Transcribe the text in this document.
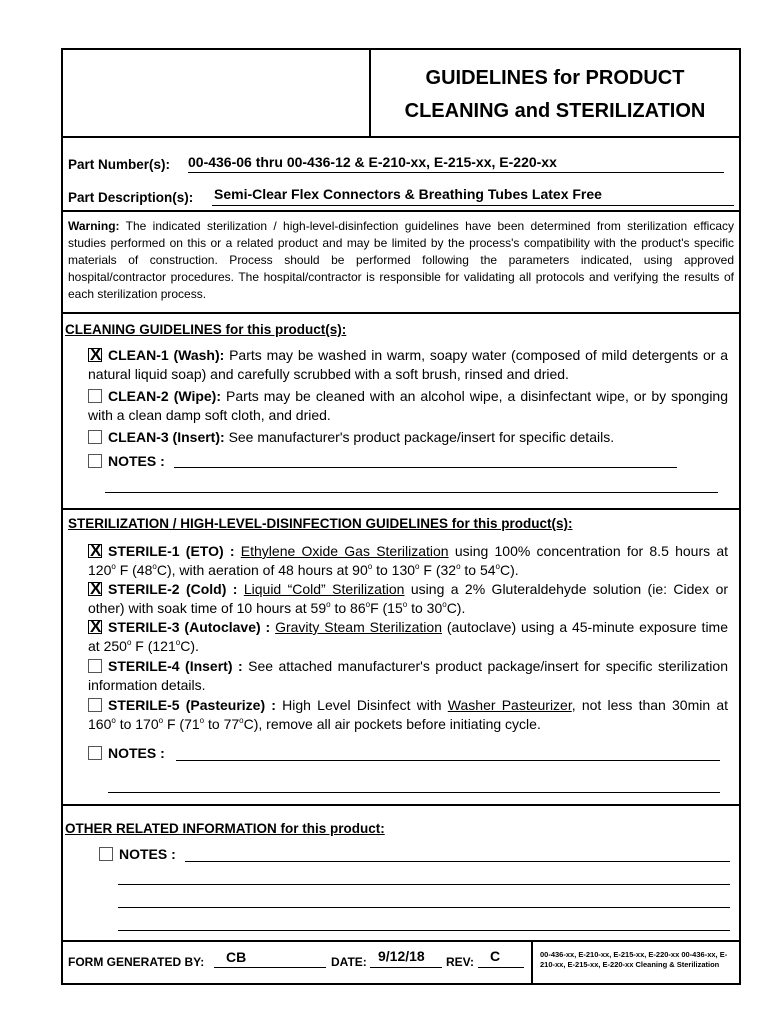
GUIDELINES for PRODUCT
CLEANING and STERILIZATION
Part Number(s): 00-436-06 thru 00-436-12 & E-210-xx, E-215-xx, E-220-xx
Part Description(s): Semi-Clear Flex Connectors & Breathing Tubes Latex Free
Warning: The indicated sterilization / high-level-disinfection guidelines have been determined from sterilization efficacy studies performed on this or a related product and may be limited by the process's compatibility with the product's specific materials of construction. Process should be performed following the parameters indicated, using approved hospital/contractor procedures. The hospital/contractor is responsible for validating all protocols and verifying the results of each sterilization process.
CLEANING GUIDELINES for this product(s):
X CLEAN-1 (Wash): Parts may be washed in warm, soapy water (composed of mild detergents or a natural liquid soap) and carefully scrubbed with a soft brush, rinsed and dried.
CLEAN-2 (Wipe): Parts may be cleaned with an alcohol wipe, a disinfectant wipe, or by sponging with a clean damp soft cloth, and dried.
CLEAN-3 (Insert): See manufacturer's product package/insert for specific details.
NOTES :
STERILIZATION / HIGH-LEVEL-DISINFECTION GUIDELINES for this product(s):
X STERILE-1 (ETO) : Ethylene Oxide Gas Sterilization using 100% concentration for 8.5 hours at 120$^o$ F (48$^o$C), with aeration of 48 hours at 90$^o$ to 130$^o$ F (32$^o$ to 54$^o$C).
X STERILE-2 (Cold) : Liquid “Cold” Sterilization using a 2% Gluteraldehyde solution (ie: Cidex or other) with soak time of 10 hours at 59$^o$ to 86$^o$F (15$^o$ to 30$^o$C).
X STERILE-3 (Autoclave) : Gravity Steam Sterilization (autoclave) using a 45-minute exposure time at 250$^o$ F (121$^o$C).
STERILE-4 (Insert) : See attached manufacturer's product package/insert for specific sterilization information details.
STERILE-5 (Pasteurize) : High Level Disinfect with Washer Pasteurizer, not less than 30min at 160$^o$ to 170$^o$ F (71$^o$ to 77$^o$C), remove all air pockets before initiating cycle.
NOTES :
OTHER RELATED INFORMATION for this product:
NOTES :
FORM GENERATED BY: CB	DATE: 9/12/18 REV: C	00-436-xx, E-210-xx, E-215-xx, E-220-xx 00-436-xx, E-210-xx, E-215-xx, E-220-xx Cleaning & Sterilization
